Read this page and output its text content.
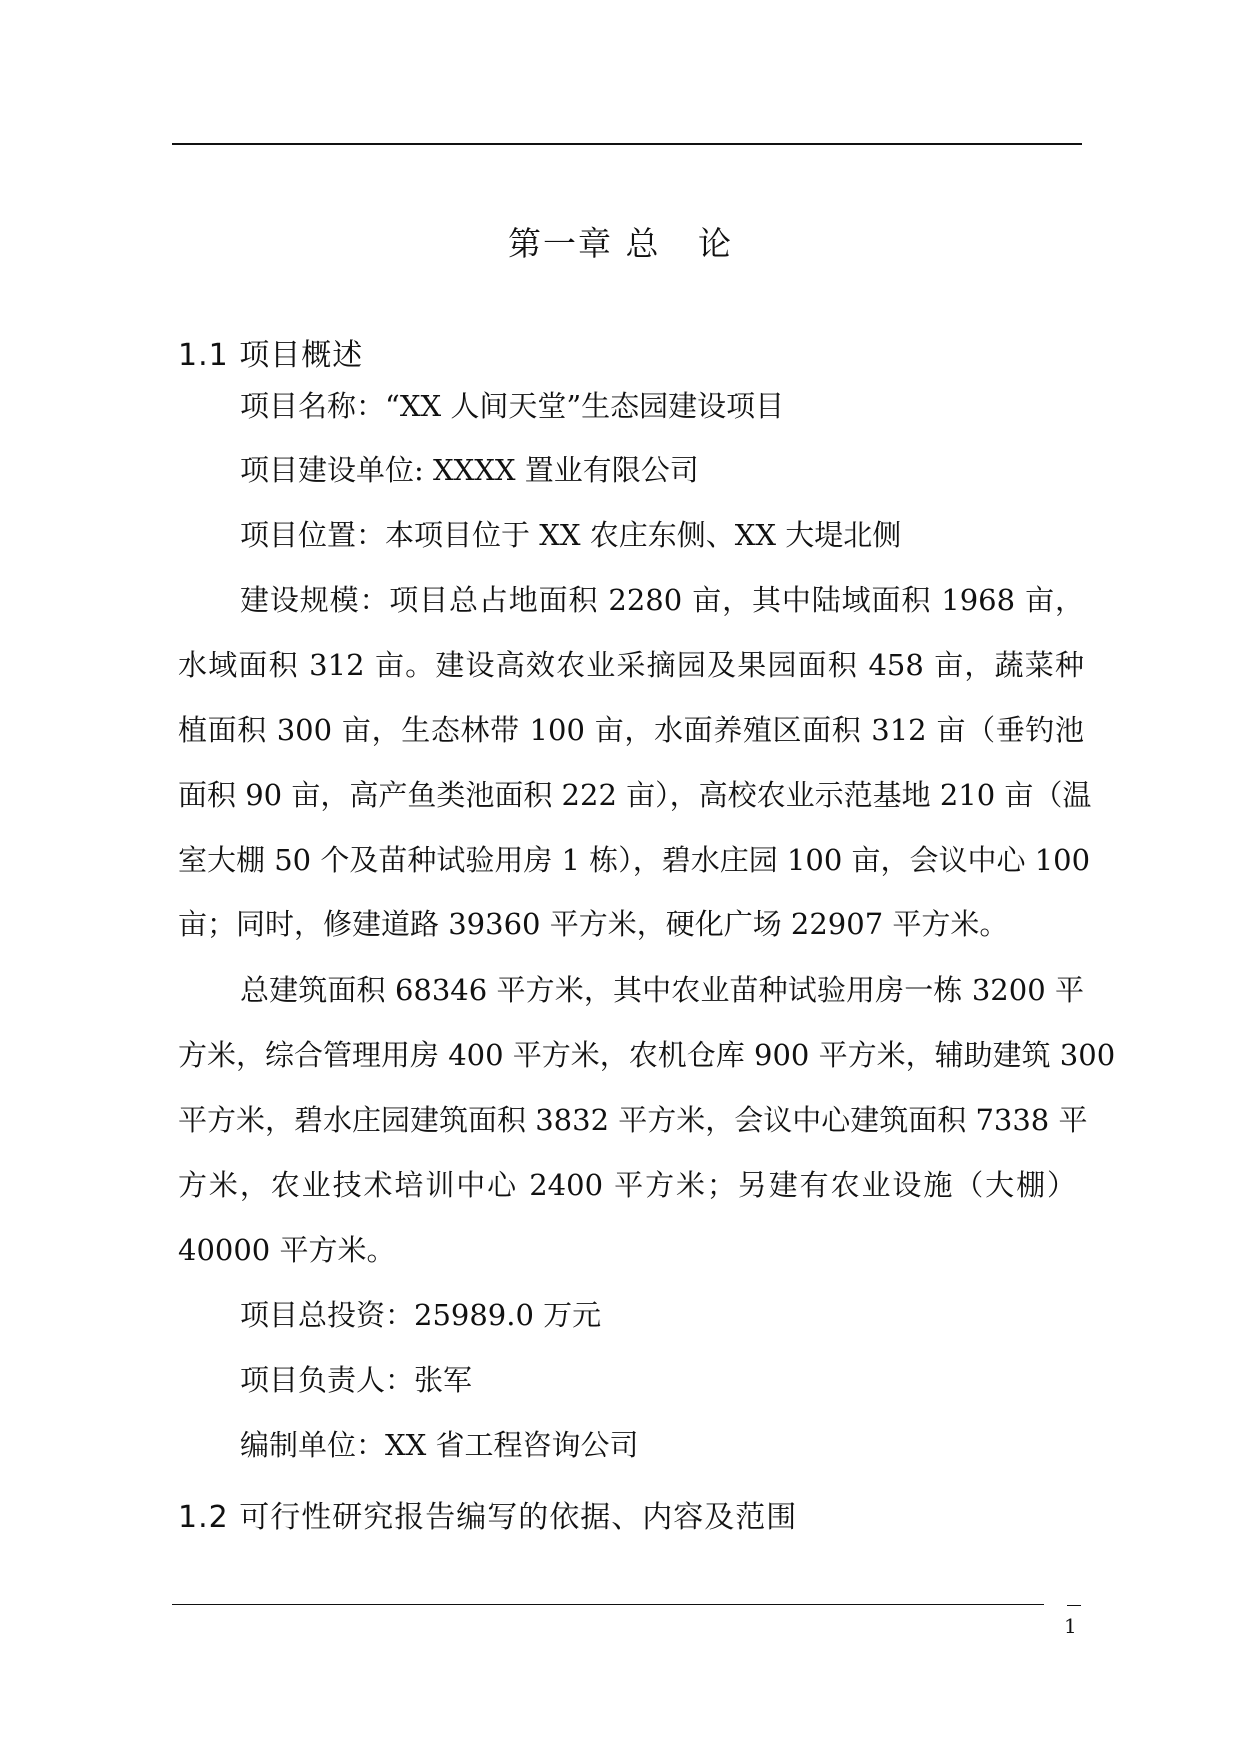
第一章 总   论
1.1 项目概述
项目名称：“XX 人间天堂”生态园建设项目
项目建设单位: XXXX 置业有限公司
项目位置：本项目位于 XX 农庄东侧、XX 大堤北侧
建设规模：项目总占地面积 2280 亩，其中陆域面积 1968 亩，
水域面积 312 亩。建设高效农业采摘园及果园面积 458 亩，蔬菜种
植面积 300 亩，生态林带 100 亩，水面养殖区面积 312 亩（垂钓池
面积 90 亩，高产鱼类池面积 222 亩），高校农业示范基地 210 亩（温
室大棚 50 个及苗种试验用房 1 栋），碧水庄园 100 亩，会议中心 100
亩；同时，修建道路 39360 平方米，硬化广场 22907 平方米。
总建筑面积 68346 平方米，其中农业苗种试验用房一栋 3200 平
方米，综合管理用房 400 平方米，农机仓库 900 平方米，辅助建筑 300
平方米，碧水庄园建筑面积 3832 平方米，会议中心建筑面积 7338 平
方米，农业技术培训中心 2400 平方米；另建有农业设施（大棚）
40000 平方米。
项目总投资：25989.0 万元
项目负责人：张军
编制单位：XX 省工程咨询公司
1.2 可行性研究报告编写的依据、内容及范围
1
